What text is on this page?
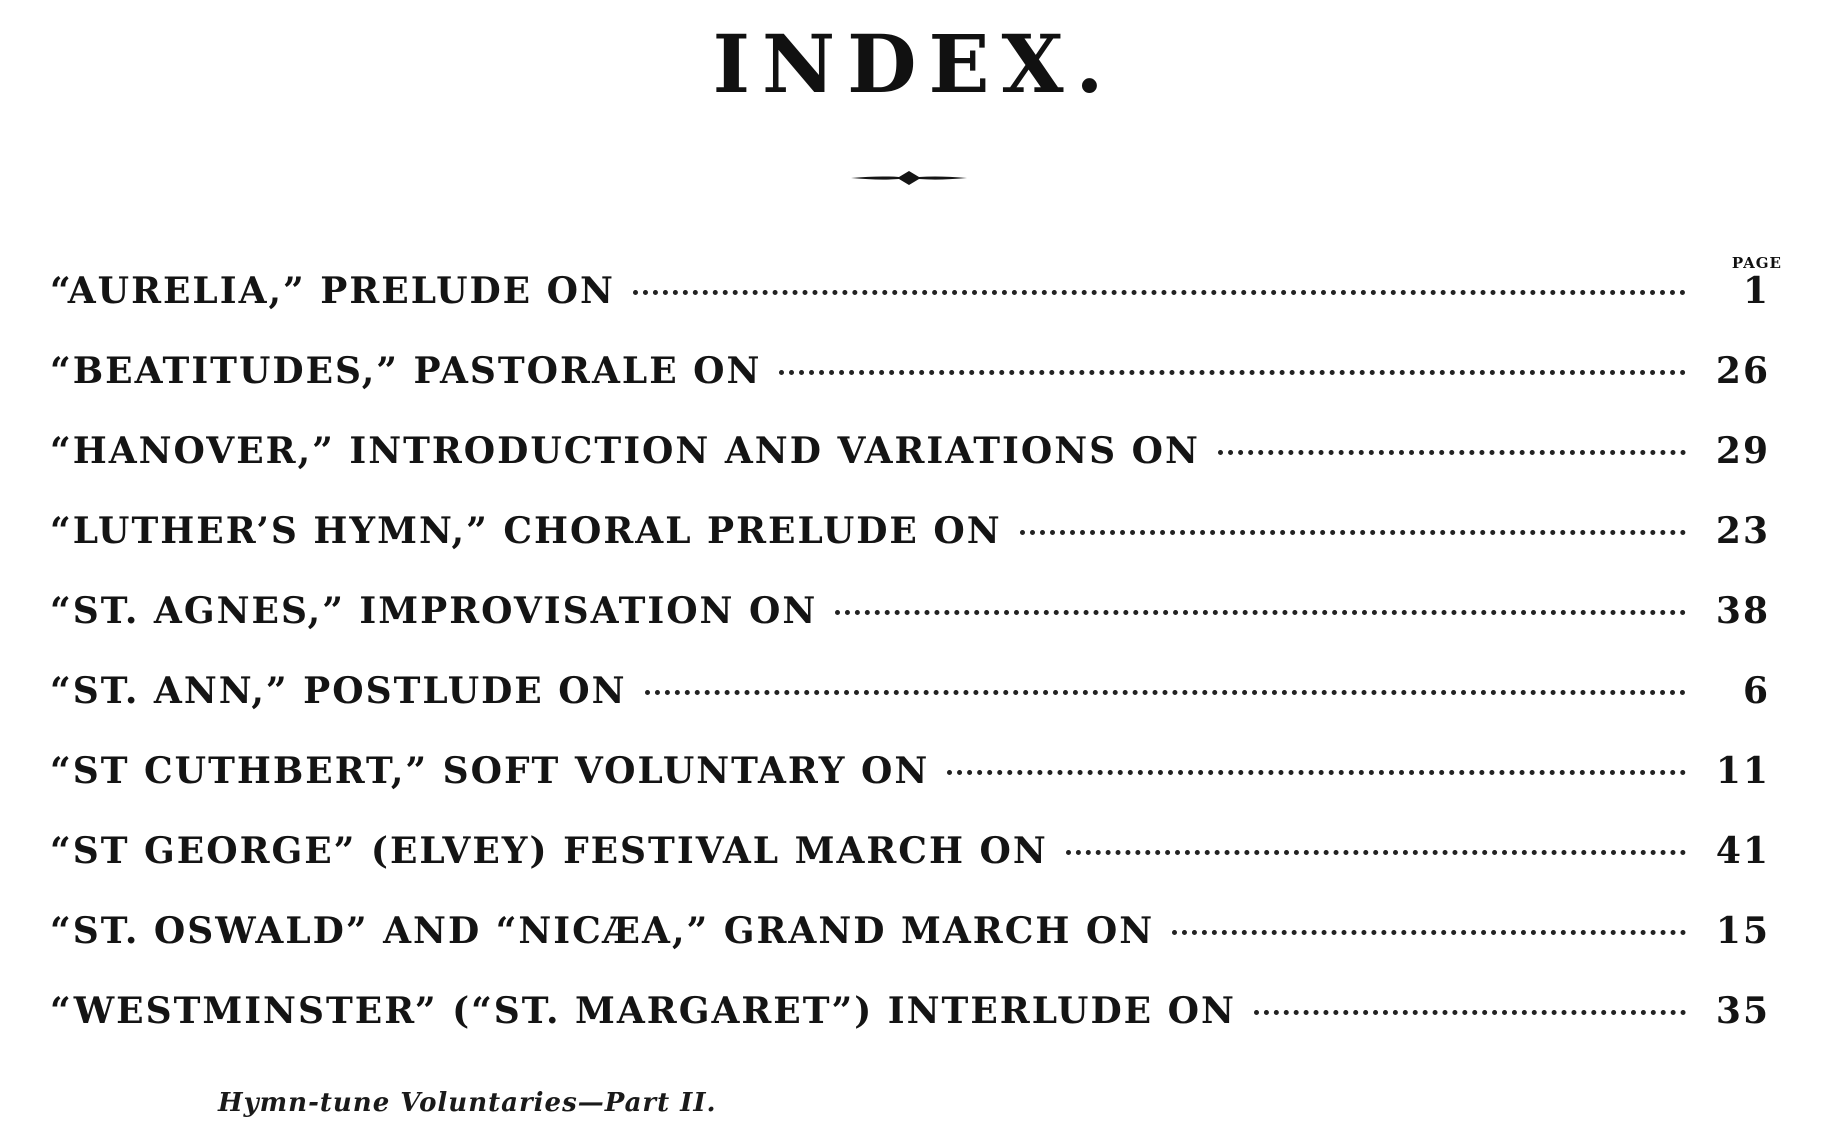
INDEX.
PAGE
“AURELIA,” PRELUDE ON	1
“BEATITUDES,” PASTORALE ON	26
“HANOVER,” INTRODUCTION AND VARIATIONS ON	29
“LUTHER’S HYMN,” CHORAL PRELUDE ON	23
“ST. AGNES,” IMPROVISATION ON	38
“ST. ANN,” POSTLUDE ON	6
“ST CUTHBERT,” SOFT VOLUNTARY ON	11
“ST GEORGE” (ELVEY) FESTIVAL MARCH ON	41
“ST. OSWALD” AND “NICÆA,” GRAND MARCH ON	15
“WESTMINSTER” (“ST. MARGARET”) INTERLUDE ON	35
Hymn-tune Voluntaries—Part II.
